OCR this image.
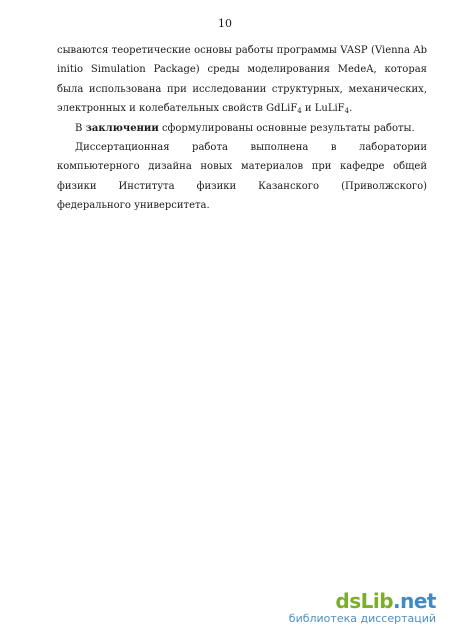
10

сываются теоретические основы работы программы VASP (Vienna Ab initio Simulation Package) среды моделирования MedeA, которая была использована при исследовании структурных, механических, электронных и колебательных свойств GdLiF$_4$ и LuLiF$_4$.

В заключении сформулированы основные результаты работы.

Диссертационная работа выполнена в лаборатории компьютерного дизайна новых материалов при кафедре общей физики Института физики Казанского (Приволжского) федерального университета.

dsLib.net
библиотека диссертаций
